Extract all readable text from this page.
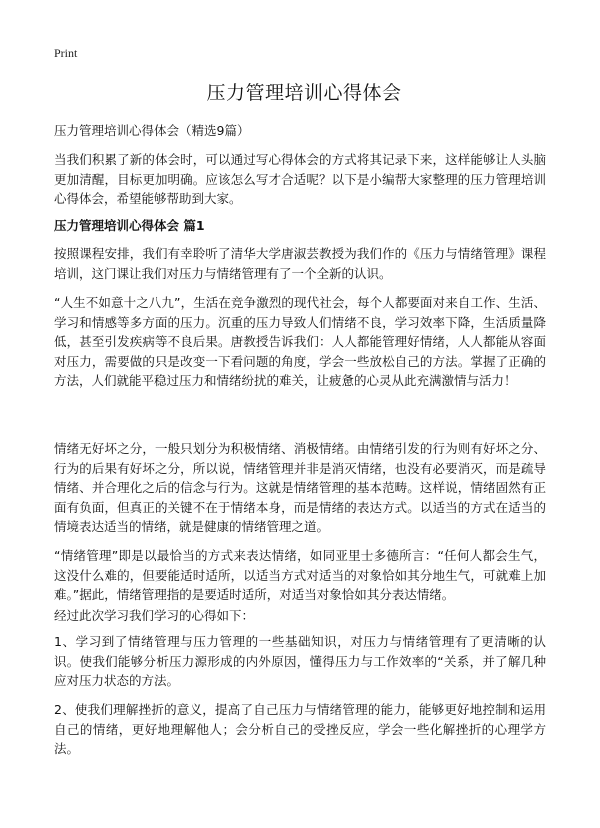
Print
压力管理培训心得体会

压力管理培训心得体会（精选9篇）

当我们积累了新的体会时，可以通过写心得体会的方式将其记录下来，这样能够让人头脑更加清醒，目标更加明确。应该怎么写才合适呢？以下是小编帮大家整理的压力管理培训心得体会，希望能够帮助到大家。

压力管理培训心得体会 篇1

按照课程安排，我们有幸聆听了清华大学唐淑芸教授为我们作的《压力与情绪管理》课程培训，这门课让我们对压力与情绪管理有了一个全新的认识。

“人生不如意十之八九”，生活在竞争激烈的现代社会，每个人都要面对来自工作、生活、学习和情感等多方面的压力。沉重的压力导致人们情绪不良，学习效率下降，生活质量降低，甚至引发疾病等不良后果。唐教授告诉我们：人人都能管理好情绪，人人都能从容面对压力，需要做的只是改变一下看问题的角度，学会一些放松自己的方法。掌握了正确的方法，人们就能平稳过压力和情绪纷扰的难关，让疲惫的心灵从此充满激情与活力！

情绪无好坏之分，一般只划分为积极情绪、消极情绪。由情绪引发的行为则有好坏之分、行为的后果有好坏之分，所以说，情绪管理并非是消灭情绪，也没有必要消灭，而是疏导情绪、并合理化之后的信念与行为。这就是情绪管理的基本范畴。这样说，情绪固然有正面有负面，但真正的关键不在于情绪本身，而是情绪的表达方式。以适当的方式在适当的情境表达适当的情绪，就是健康的情绪管理之道。

“情绪管理”即是以最恰当的方式来表达情绪，如同亚里士多德所言：“任何人都会生气，这没什么难的，但要能适时适所，以适当方式对适当的对象恰如其分地生气，可就难上加难。”据此，情绪管理指的是要适时适所，对适当对象恰如其分表达情绪。

经过此次学习我们学习的心得如下：

1、学习到了情绪管理与压力管理的一些基础知识，对压力与情绪管理有了更清晰的认识。使我们能够分析压力源形成的内外原因，懂得压力与工作效率的“关系，并了解几种应对压力状态的方法。

2、使我们理解挫折的意义，提高了自己压力与情绪管理的能力，能够更好地控制和运用自己的情绪，更好地理解他人；会分析自己的受挫反应，学会一些化解挫折的心理学方法。
